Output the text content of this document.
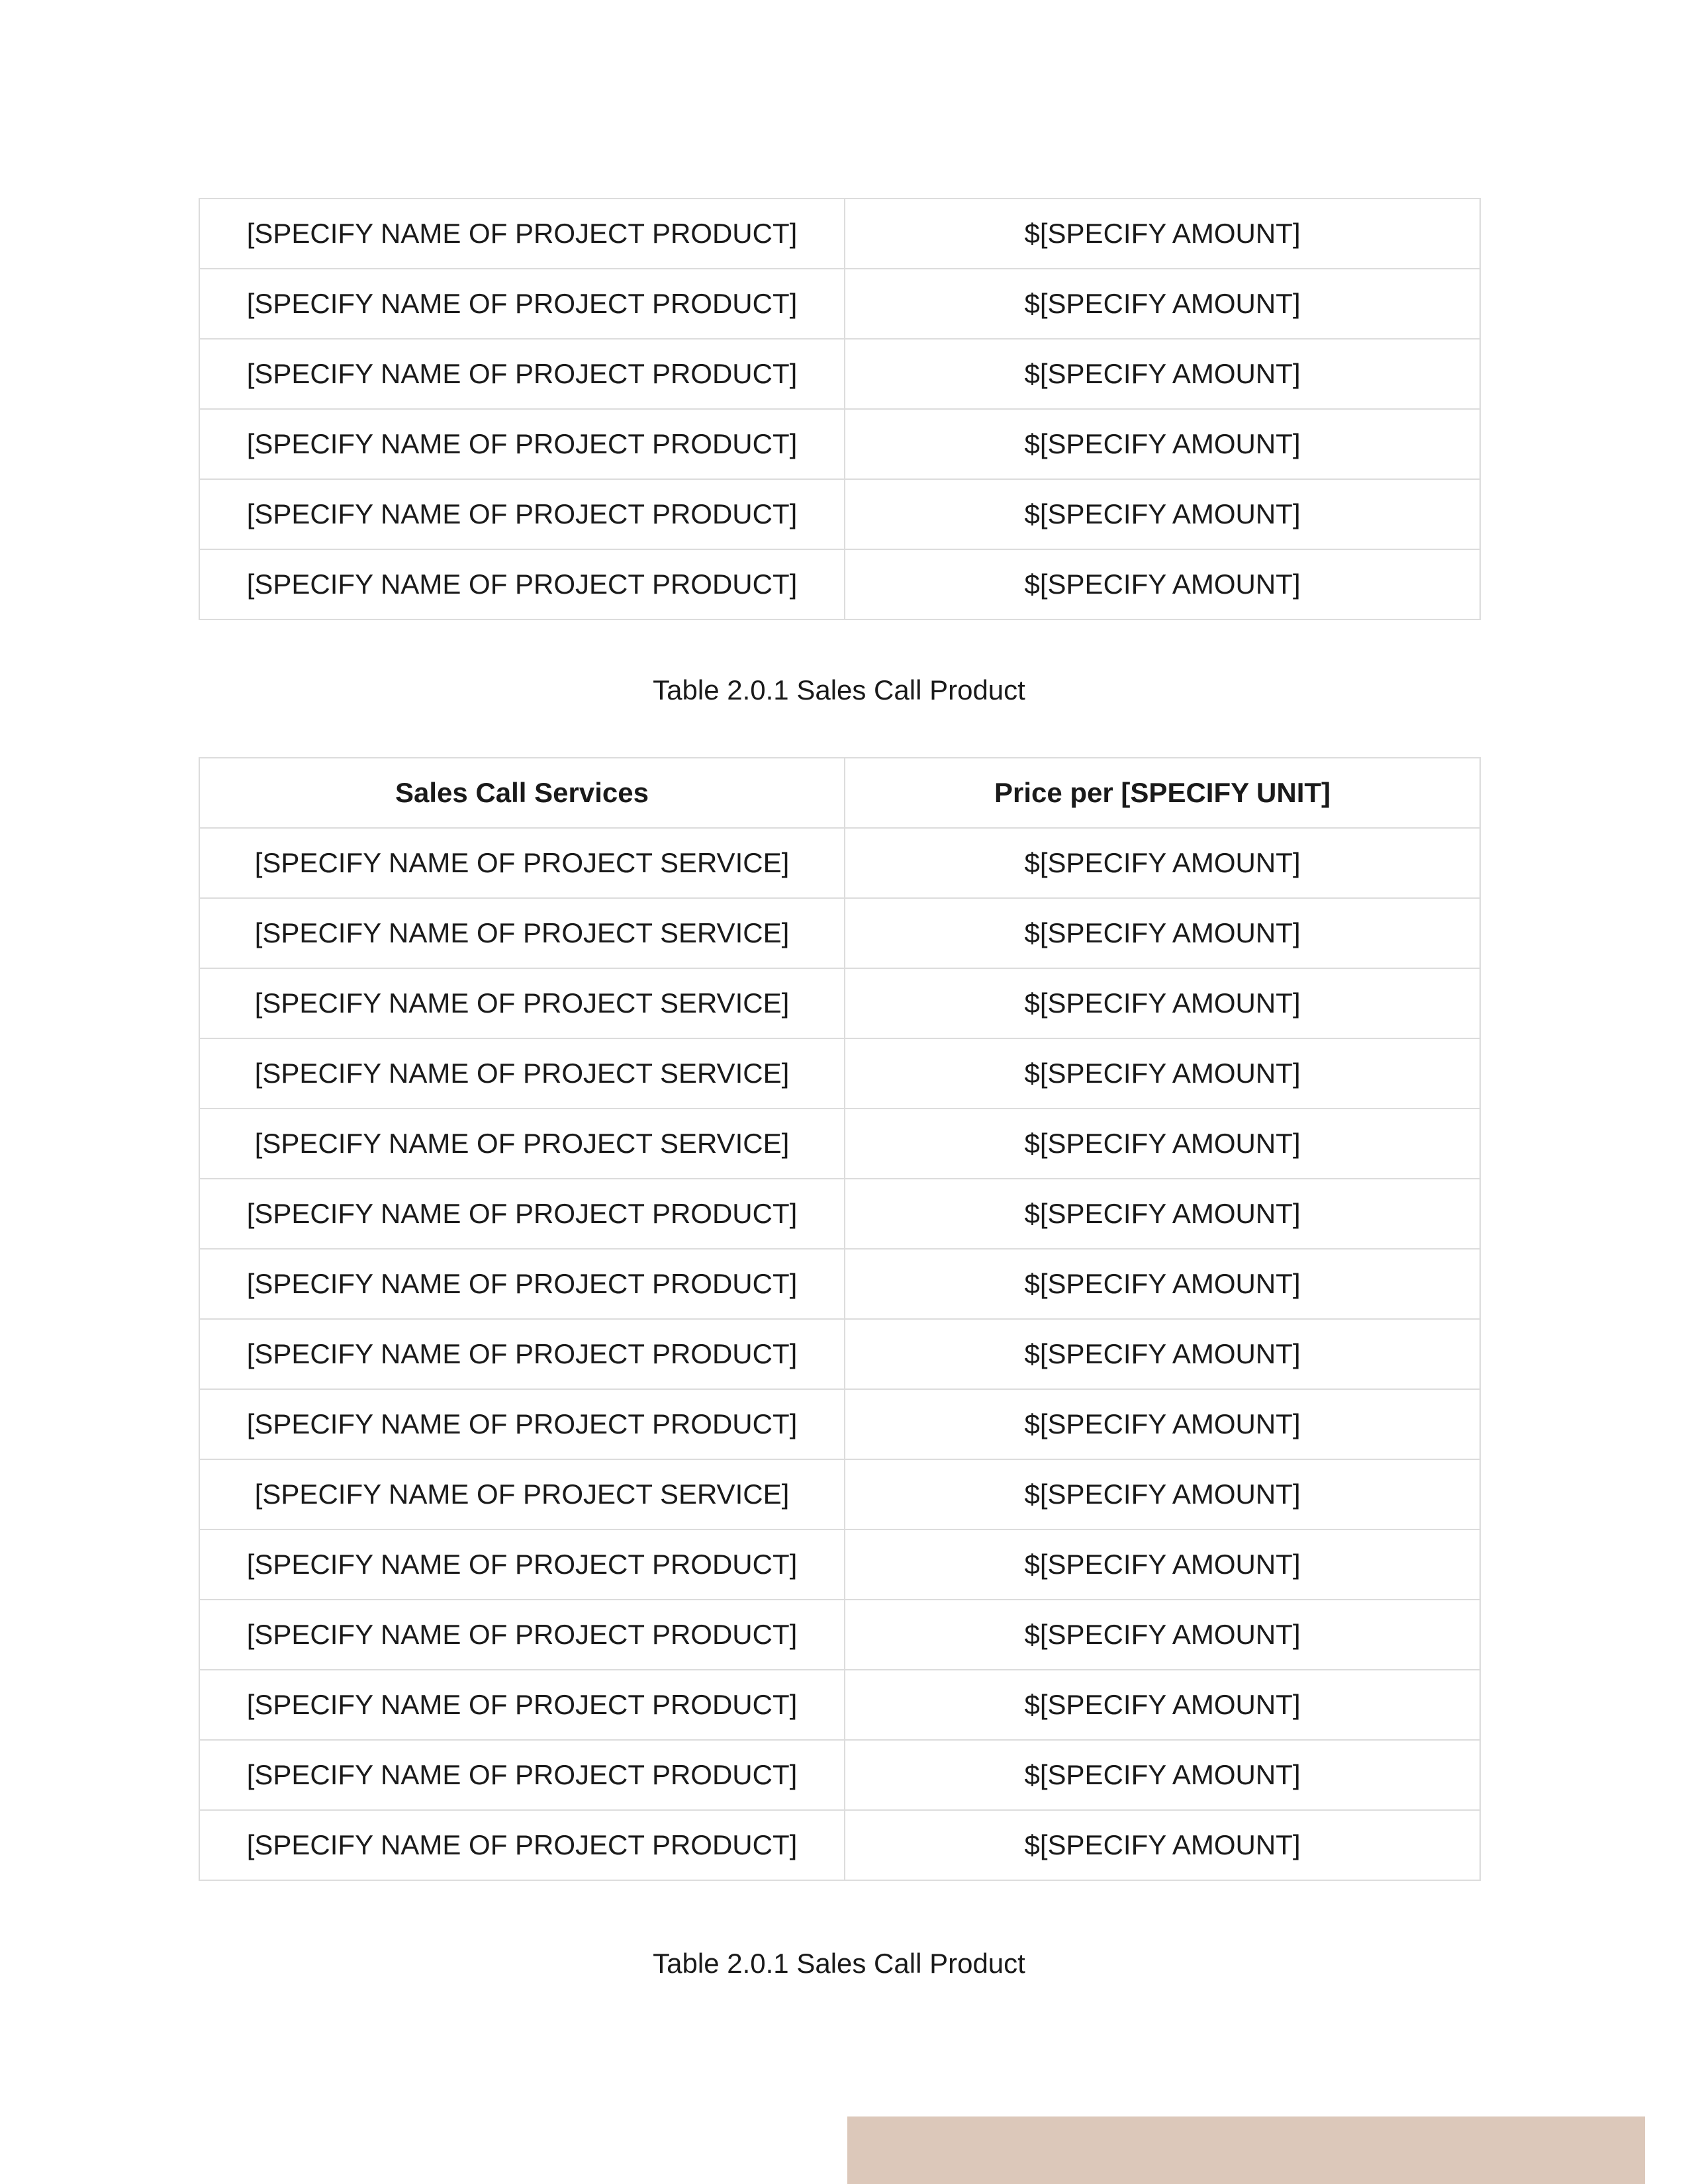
[SPECIFY NAME OF PROJECT PRODUCT]	$[SPECIFY AMOUNT]
[SPECIFY NAME OF PROJECT PRODUCT]	$[SPECIFY AMOUNT]
[SPECIFY NAME OF PROJECT PRODUCT]	$[SPECIFY AMOUNT]
[SPECIFY NAME OF PROJECT PRODUCT]	$[SPECIFY AMOUNT]
[SPECIFY NAME OF PROJECT PRODUCT]	$[SPECIFY AMOUNT]
[SPECIFY NAME OF PROJECT PRODUCT]	$[SPECIFY AMOUNT]
Table 2.0.1 Sales Call Product
Sales Call Services	Price per [SPECIFY UNIT]
[SPECIFY NAME OF PROJECT SERVICE]	$[SPECIFY AMOUNT]
[SPECIFY NAME OF PROJECT SERVICE]	$[SPECIFY AMOUNT]
[SPECIFY NAME OF PROJECT SERVICE]	$[SPECIFY AMOUNT]
[SPECIFY NAME OF PROJECT SERVICE]	$[SPECIFY AMOUNT]
[SPECIFY NAME OF PROJECT SERVICE]	$[SPECIFY AMOUNT]
[SPECIFY NAME OF PROJECT PRODUCT]	$[SPECIFY AMOUNT]
[SPECIFY NAME OF PROJECT PRODUCT]	$[SPECIFY AMOUNT]
[SPECIFY NAME OF PROJECT PRODUCT]	$[SPECIFY AMOUNT]
[SPECIFY NAME OF PROJECT PRODUCT]	$[SPECIFY AMOUNT]
[SPECIFY NAME OF PROJECT SERVICE]	$[SPECIFY AMOUNT]
[SPECIFY NAME OF PROJECT PRODUCT]	$[SPECIFY AMOUNT]
[SPECIFY NAME OF PROJECT PRODUCT]	$[SPECIFY AMOUNT]
[SPECIFY NAME OF PROJECT PRODUCT]	$[SPECIFY AMOUNT]
[SPECIFY NAME OF PROJECT PRODUCT]	$[SPECIFY AMOUNT]
[SPECIFY NAME OF PROJECT PRODUCT]	$[SPECIFY AMOUNT]
Table 2.0.1 Sales Call Product
